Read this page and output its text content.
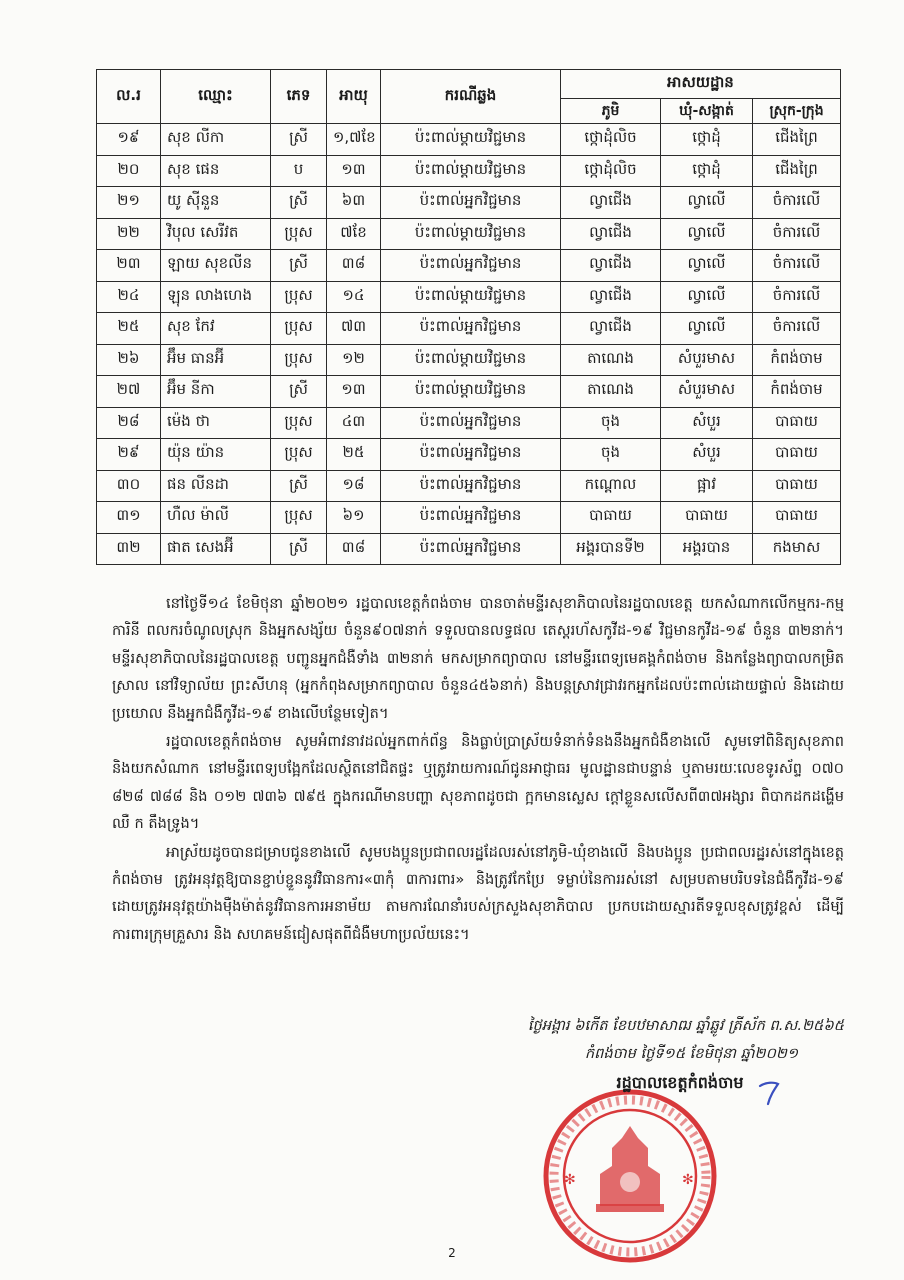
ល.រ	ឈ្មោះ	ភេទ	អាយុ	ករណីឆ្លង	អាសយដ្ឋាន		
					ភូមិ	ឃុំ-សង្កាត់	ស្រុក-ក្រុង
១៩	សុខ លីកា	ស្រី	១,៧ខែ	ប៉ះពាល់ម្តាយវិជ្ជមាន	ថ្កោដុំលិច	ថ្កោដុំ	ជើងព្រៃ
២០	សុខ ផេន	ប	១៣	ប៉ះពាល់ម្តាយវិជ្ជមាន	ថ្កោដុំលិច	ថ្កោដុំ	ជើងព្រៃ
២១	យូ ស៊ីនួន	ស្រី	៦៣	ប៉ះពាល់អ្នកវិជ្ជមាន	ល្វាជើង	ល្វាលើ	ចំការលើ
២២	វិបុល សេរីវត	ប្រុស	៧ខែ	ប៉ះពាល់ម្តាយវិជ្ជមាន	ល្វាជើង	ល្វាលើ	ចំការលើ
២៣	ឡាយ សុខលីន	ស្រី	៣៨	ប៉ះពាល់អ្នកវិជ្ជមាន	ល្វាជើង	ល្វាលើ	ចំការលើ
២៤	ឡុន លាងហេង	ប្រុស	១៤	ប៉ះពាល់ម្តាយវិជ្ជមាន	ល្វាជើង	ល្វាលើ	ចំការលើ
២៥	សុខ កែវ	ប្រុស	៧៣	ប៉ះពាល់អ្នកវិជ្ជមាន	ល្វាជើង	ល្វាលើ	ចំការលើ
២៦	អ៊ឹម ធានអ៊ី	ប្រុស	១២	ប៉ះពាល់ម្តាយវិជ្ជមាន	តាណេង	សំបួរមាស	កំពង់ចាម
២៧	អ៊ឹម នីកា	ស្រី	១៣	ប៉ះពាល់ម្តាយវិជ្ជមាន	តាណេង	សំបួរមាស	កំពង់ចាម
២៨	ម៉េង ថា	ប្រុស	៤៣	ប៉ះពាល់អ្នកវិជ្ជមាន	ចុង	សំបួរ	បាធាយ
២៩	យ៉ុន យ៉ាន	ប្រុស	២៥	ប៉ះពាល់អ្នកវិជ្ជមាន	ចុង	សំបួរ	បាធាយ
៣០	ផន លីនដា	ស្រី	១៨	ប៉ះពាល់អ្នកវិជ្ជមាន	កណ្តោល	ផ្អាវ	បាធាយ
៣១	ហឺល ម៉ាលី	ប្រុស	៦១	ប៉ះពាល់អ្នកវិជ្ជមាន	បាធាយ	បាធាយ	បាធាយ
៣២	ផាត សេងអ៊ី	ស្រី	៣៨	ប៉ះពាល់អ្នកវិជ្ជមាន	អង្គរបានទី២	អង្គរបាន	កងមាស

នៅថ្ងៃទី១៤ ខែមិថុនា ឆ្នាំ២០២១ រដ្ឋបាលខេត្តកំពង់ចាម បានចាត់មន្ទីរសុខាភិបាលនៃរដ្ឋបាលខេត្ត យកសំណាកលើកម្មករ-កម្មការិនី ពលករចំណូលស្រុក និងអ្នកសង្ស័យ ចំនួន៩០៧នាក់ ទទួលបានលទ្ធផល តេស្តរហ័សកូវីដ-១៩ វិជ្ជមានកូវីដ-១៩ ចំនួន ៣២នាក់។ មន្ទីរសុខាភិបាលនៃរដ្ឋបាលខេត្ត បញ្ជូនអ្នកជំងឺទាំង ៣២នាក់ មកសម្រាកព្យាបាល នៅមន្ទីរពេទ្យមេគង្គកំពង់ចាម និងកន្លែងព្យាបាលកម្រិតស្រាល នៅវិទ្យាល័យ ព្រះសីហនុ (អ្នកកំពុងសម្រាកព្យាបាល ចំនួន៤៥៦នាក់) និងបន្តស្រាវជ្រាវរកអ្នកដែលប៉ះពាល់ដោយផ្ទាល់ និងដោយប្រយោល នឹងអ្នកជំងឺកូវីដ-១៩ ខាងលើបន្ថែមទៀត។

រដ្ឋបាលខេត្តកំពង់ចាម សូមអំពាវនាវដល់អ្នកពាក់ព័ន្ធ និងធ្លាប់ប្រាស្រ័យទំនាក់ទំនងនឹងអ្នកជំងឺខាងលើ សូមទៅពិនិត្យសុខភាព និងយកសំណាក នៅមន្ទីរពេទ្យបង្អែកដែលស្ថិតនៅជិតផ្ទះ ឬត្រូវរាយការណ៍ជូនអាជ្ញាធរ មូលដ្ឋានជាបន្ទាន់ ឬតាមរយៈលេខទូរស័ព្ទ ០៧០ ៨២៨ ៧៨៨ និង ០១២ ៧៣៦ ៧៩៥ ក្នុងករណីមានបញ្ហា សុខភាពដូចជា ក្អកមានស្លេស ក្តៅខ្លួនសលើសពី៣៧អង្សារ ពិបាកដកដង្ហើម ឈឺ ក តឹងទ្រូង។

អាស្រ័យដូចបានជម្រាបជូនខាងលើ សូមបងប្អូនប្រជាពលរដ្ឋដែលរស់នៅភូមិ-ឃុំខាងលើ និងបងប្អូន ប្រជាពលរដ្ឋរស់នៅក្នុងខេត្តកំពង់ចាម ត្រូវអនុវត្តឱ្យបានខ្ជាប់ខ្ជួននូវវិធានការ«៣កុំ ៣ការពារ» និងត្រូវកែប្រែ ទម្លាប់នៃការរស់នៅ សម្របតាមបរិបទនៃជំងឺកូវីដ-១៩ ដោយត្រូវអនុវត្តយ៉ាងម៉ឺងម៉ាត់នូវវិធានការអនាម័យ តាមការណែនាំរបស់ក្រសួងសុខាភិបាល ប្រកបដោយស្មារតីទទួលខុសត្រូវខ្ពស់ ដើម្បីការពារក្រុមគ្រួសារ និង សហគមន៍ជៀសផុតពីជំងឺមហាប្រល័យនេះ។

ថ្ងៃអង្គារ ៦កើត ខែបឋមាសាឍ ឆ្នាំឆ្លូវ ត្រីស័ក ព.ស.២៥៦៥
កំពង់ចាម ថ្ងៃទី១៥ ខែមិថុនា ឆ្នាំ២០២១
✻	✻
រដ្ឋបាលខេត្តកំពង់ចាម
2
